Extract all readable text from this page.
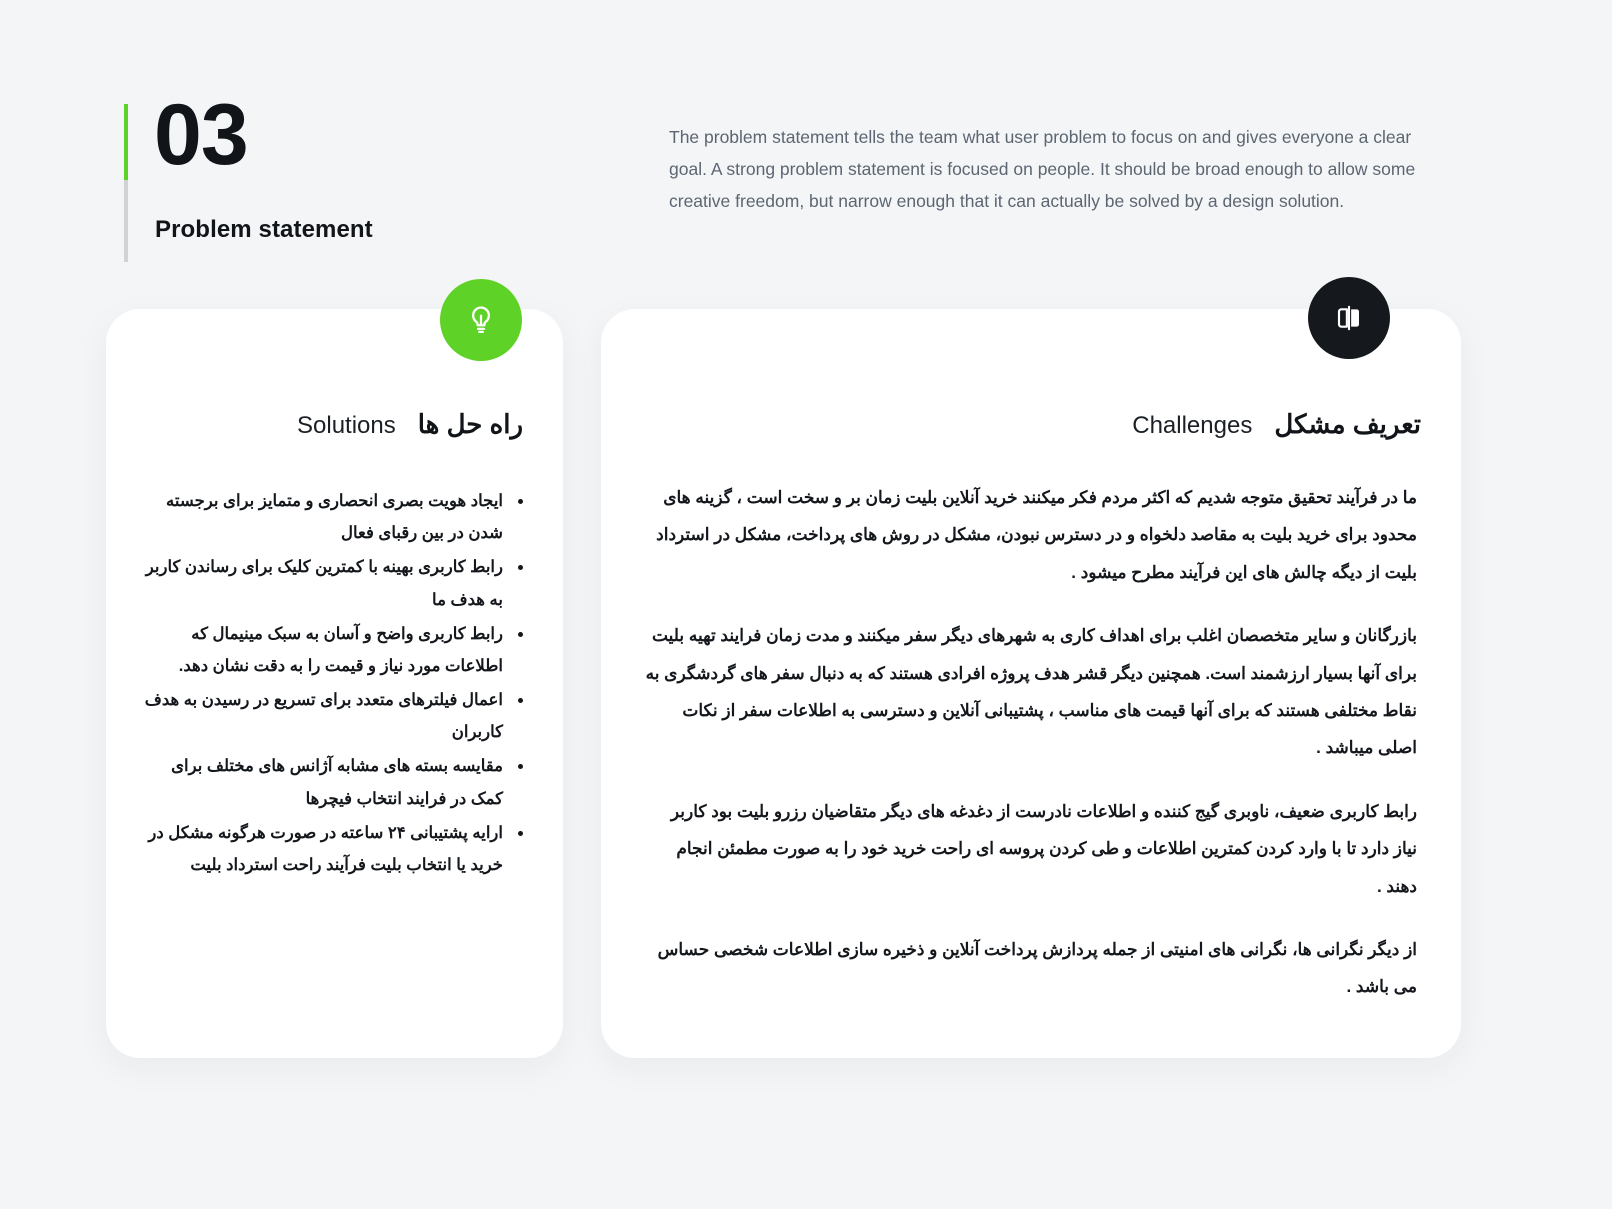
03
Problem statement
The problem statement tells the team what user problem to focus on and gives everyone a clear goal. A strong problem statement is focused on people. It should be broad enough to allow some creative freedom, but narrow enough that it can actually be solved by a design solution.
Solutions راه حل ها
ایجاد هویت بصری انحصاری و متمایز برای برجسته شدن در بین رقبای فعال
رابط کاربری بهینه با کمترین کلیک برای رساندن کاربر به هدف ما
رابط کاربری واضح و آسان به سبک مینیمال که اطلاعات مورد نیاز و قیمت را به دقت نشان دهد.
اعمال فیلترهای متعدد برای تسریع در رسیدن به هدف کاربران
مقایسه بسته های مشابه آژانس های مختلف برای کمک در فرایند انتخاب فیچرها
ارایه پشتیبانی ۲۴ ساعته در صورت هرگونه مشکل در خرید یا انتخاب بلیت فرآیند راحت استرداد بلیت
Challenges تعریف مشکل

ما در فرآیند تحقیق متوجه شدیم که اکثر مردم فکر میکنند خرید آنلاین بلیت زمان بر و سخت است ، گزینه های محدود برای خرید بلیت به مقاصد دلخواه و در دسترس نبودن، مشکل در روش های پرداخت، مشکل در استرداد بلیت از دیگه چالش های این فرآیند مطرح میشود .

بازرگانان و سایر متخصصان اغلب برای اهداف کاری به شهرهای دیگر سفر میکنند و مدت زمان فرایند تهیه بلیت برای آنها بسیار ارزشمند است. همچنین دیگر قشر هدف پروژه افرادی هستند که به دنبال سفر های گردشگری به نقاط مختلفی هستند که برای آنها قیمت های مناسب ، پشتیبانی آنلاین و دسترسی به اطلاعات سفر از نکات اصلی میباشد .

رابط کاربری ضعیف، ناوبری گیج کننده و اطلاعات نادرست از دغدغه های دیگر متقاضیان رزرو بلیت بود کاربر نیاز دارد تا با وارد کردن کمترین اطلاعات و طی کردن پروسه ای راحت خرید خود را به صورت مطمئن انجام دهند .

از دیگر نگرانی ها، نگرانی های امنیتی از جمله پردازش پرداخت آنلاین و ذخیره سازی اطلاعات شخصی حساس می باشد .
